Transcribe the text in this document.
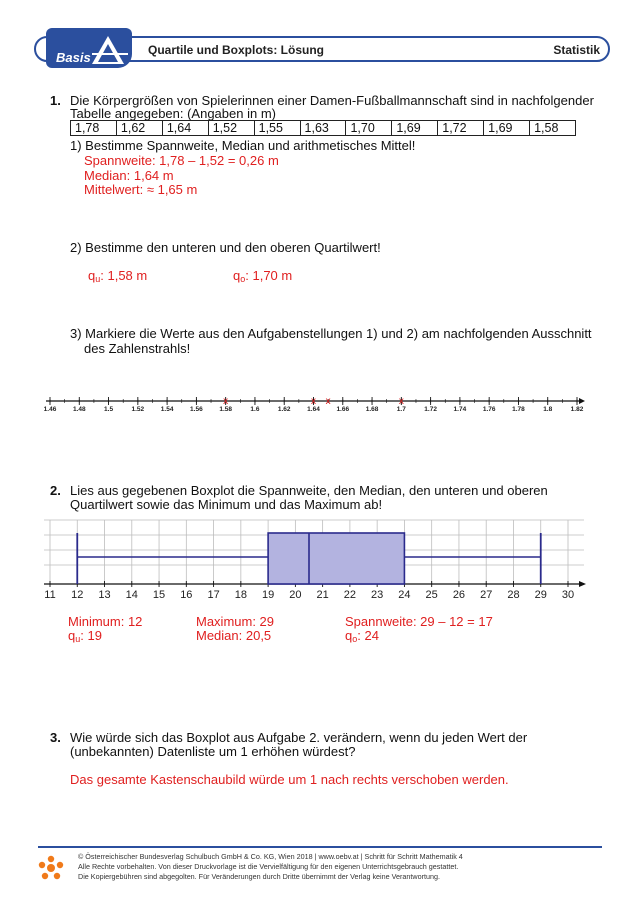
Basis	Quartile und Boxplots: Lösung	Statistik
1. Die Körpergrößen von Spielerinnen einer Damen-Fußballmannschaft sind in nachfolgender
Tabelle angegeben: (Angaben in m)
1,78	1,62	1,64	1,52	1,55	1,63	1,70	1,69	1,72	1,69	1,58
1) Bestimme Spannweite, Median und arithmetisches Mittel!
Spannweite: 1,78 – 1,52 = 0,26 m
Median: 1,64 m
Mittelwert: ≈ 1,65 m
2) Bestimme den unteren und den oberen Quartilwert!
$q_u$: 1,58 m	$q_o$: 1,70 m
3) Markiere die Werte aus den Aufgabenstellungen 1) und 2) am nachfolgenden Ausschnitt
des Zahlenstrahls!
1.46	1.48	1.5	1.52	1.54	1.56	1.58	1.6	1.62	1.64	1.66	1.68	1.7	1.72	1.74	1.76	1.78	1.8	1.82
x	x x	x
2. Lies aus gegebenen Boxplot die Spannweite, den Median, den unteren und oberen
Quartilwert sowie das Minimum und das Maximum ab!
11 12 13 14 15 16 17 18 19 20 21 22 23 24 25 26 27 28 29 30
Minimum: 12	Maximum: 29	Spannweite: 29 – 12 = 17
$q_u$: 19	Median: 20,5	$q_o$: 24
3. Wie würde sich das Boxplot aus Aufgabe 2. verändern, wenn du jeden Wert der
(unbekannten) Datenliste um 1 erhöhen würdest?
Das gesamte Kastenschaubild würde um 1 nach rechts verschoben werden.
© Österreichischer Bundesverlag Schulbuch GmbH & Co. KG, Wien 2018 | www.oebv.at | Schritt für Schritt Mathematik 4
Alle Rechte vorbehalten. Von dieser Druckvorlage ist die Vervielfältigung für den eigenen Unterrichtsgebrauch gestattet.
Die Kopiergebühren sind abgegolten. Für Veränderungen durch Dritte übernimmt der Verlag keine Verantwortung.
